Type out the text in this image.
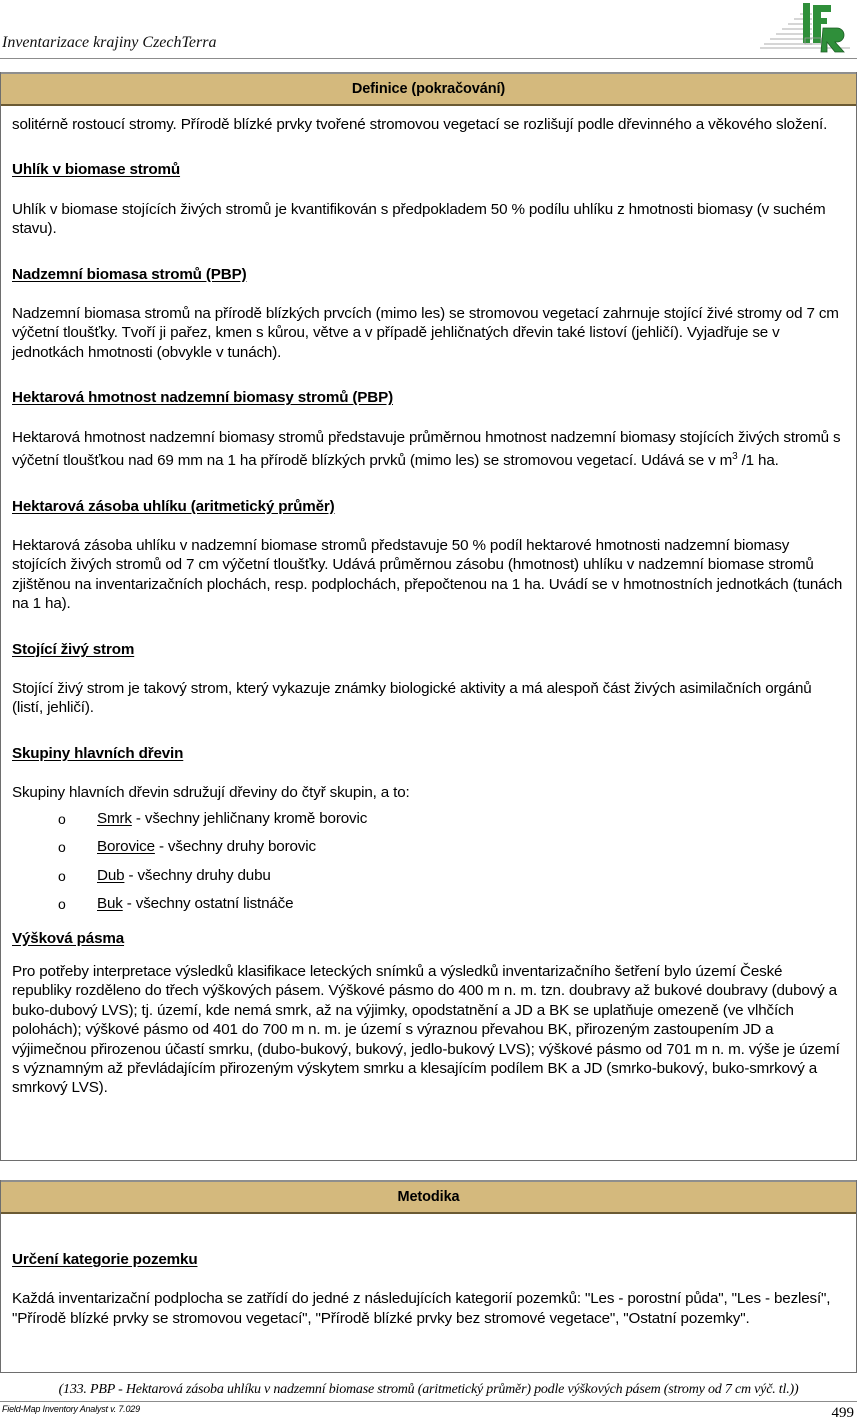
Inventarizace krajiny CzechTerra
Definice (pokračování)

solitérně rostoucí stromy. Přírodě blízké prvky tvořené stromovou vegetací se rozlišují podle dřevinného a věkového složení.

Uhlík v biomase stromů

Uhlík v biomase stojících živých stromů je kvantifikován s předpokladem 50 % podílu uhlíku z hmotnosti biomasy (v suchém stavu).

Nadzemní biomasa stromů (PBP)

Nadzemní biomasa stromů na přírodě blízkých prvcích (mimo les) se stromovou vegetací zahrnuje stojící živé stromy od 7 cm výčetní tloušťky. Tvoří ji pařez, kmen s kůrou, větve a v případě jehličnatých dřevin také listoví (jehličí). Vyjadřuje se v jednotkách hmotnosti (obvykle v tunách).

Hektarová hmotnost nadzemní biomasy stromů (PBP)

Hektarová hmotnost nadzemní biomasy stromů představuje průměrnou hmotnost nadzemní biomasy stojících živých stromů s výčetní tloušťkou nad 69 mm na 1 ha přírodě blízkých prvků (mimo les) se stromovou vegetací. Udává se v $m^3$ /1 ha.

Hektarová zásoba uhlíku (aritmetický průměr)

Hektarová zásoba uhlíku v nadzemní biomase stromů představuje 50 % podíl hektarové hmotnosti nadzemní biomasy stojících živých stromů od 7 cm výčetní tloušťky. Udává průměrnou zásobu (hmotnost) uhlíku v nadzemní biomase stromů zjištěnou na inventarizačních plochách, resp. podplochách, přepočtenou na 1 ha. Uvádí se v hmotnostních jednotkách (tunách na 1 ha).

Stojící živý strom

Stojící živý strom je takový strom, který vykazuje známky biologické aktivity a má alespoň část živých asimilačních orgánů (listí, jehličí).

Skupiny hlavních dřevin

Skupiny hlavních dřevin sdružují dřeviny do čtyř skupin, a to:

o Smrk - všechny jehličnany kromě borovic
o Borovice - všechny druhy borovic
o Dub - všechny druhy dubu
o Buk - všechny ostatní listnáče

Výšková pásma

Pro potřeby interpretace výsledků klasifikace leteckých snímků a výsledků inventarizačního šetření bylo území České republiky rozděleno do třech výškových pásem. Výškové pásmo do 400 m n. m. tzn. doubravy až bukové doubravy (dubový a buko-dubový LVS); tj. území, kde nemá smrk, až na výjimky, opodstatnění a JD a BK se uplatňuje omezeně (ve vlhčích polohách); výškové pásmo od 401 do 700 m n. m. je území s výraznou převahou BK, přirozeným zastoupením JD a výjimečnou přirozenou účastí smrku, (dubo-bukový, bukový, jedlo-bukový LVS); výškové pásmo od 701 m n. m. výše je území s významným až převládajícím přirozeným výskytem smrku a klesajícím podílem BK a JD (smrko-bukový, buko-smrkový a smrkový LVS).

Metodika

Určení kategorie pozemku

Každá inventarizační podplocha se zatřídí do jedné z následujících kategorií pozemků: "Les - porostní půda", "Les - bezlesí", "Přírodě blízké prvky se stromovou vegetací", "Přírodě blízké prvky bez stromové vegetace", "Ostatní pozemky".

(133. PBP - Hektarová zásoba uhlíku v nadzemní biomase stromů (aritmetický průměr) podle výškových pásem (stromy od 7 cm výč. tl.))
Field-Map Inventory Analyst v. 7.029	499
